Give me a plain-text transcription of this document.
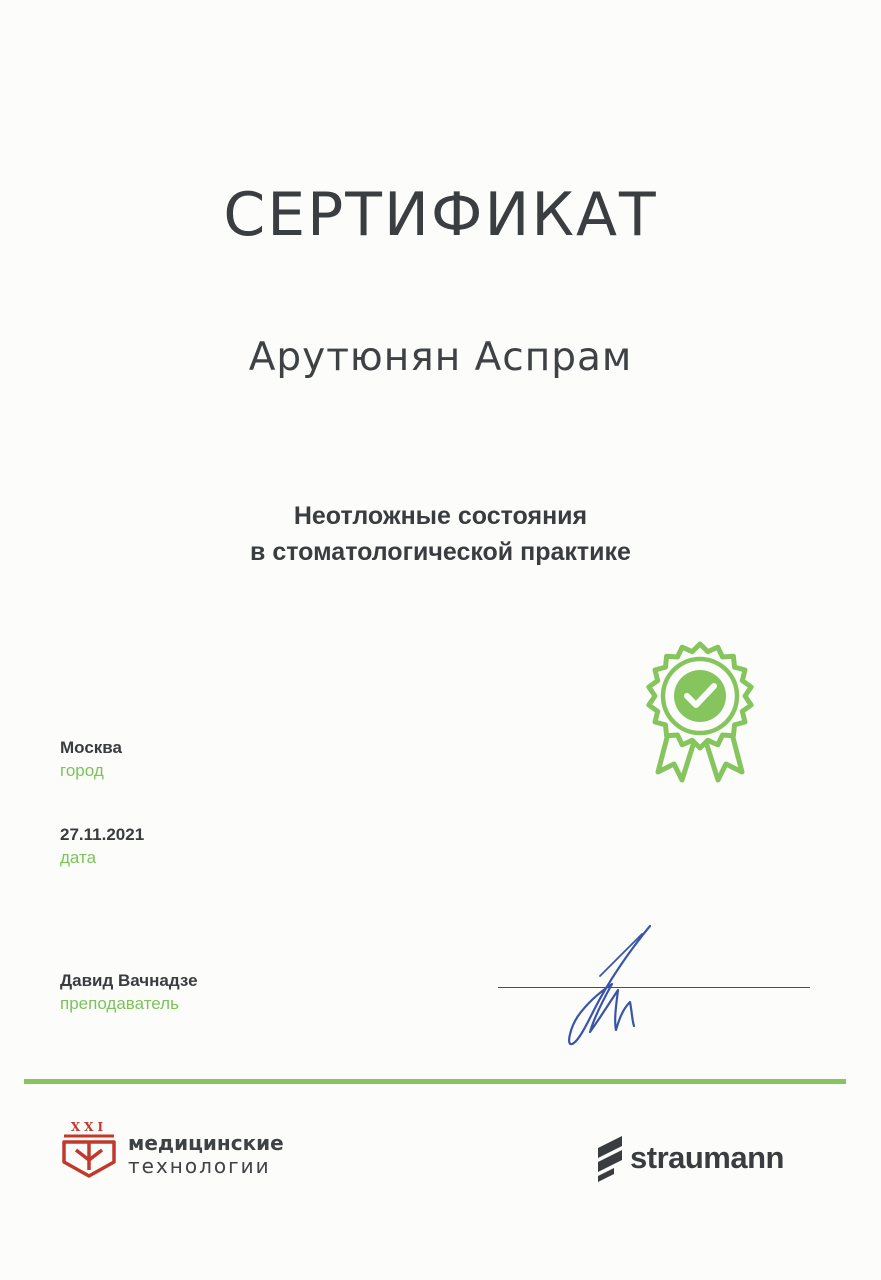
СЕРТИФИКАТ
Арутюнян Аспрам
Неотложные состояния
в стоматологической практике
Москва
город
27.11.2021
дата
Давид Вачнадзе
преподаватель
XXI
медицинские
технологии	straumann
